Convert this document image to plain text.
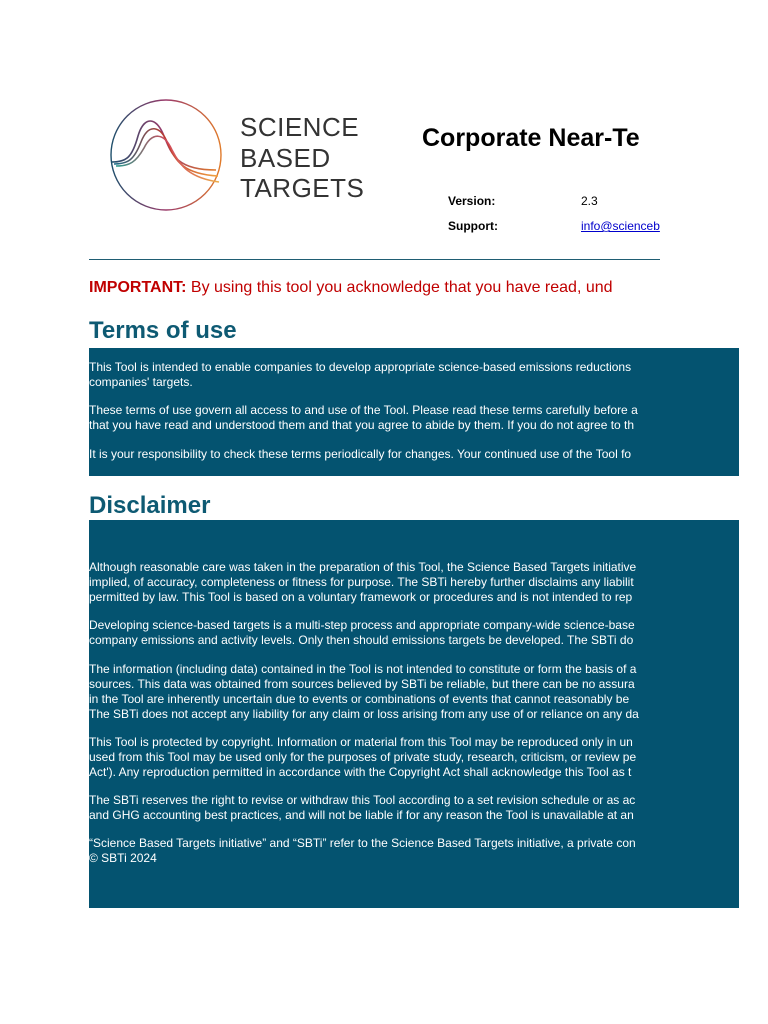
SCIENCE
BASED
TARGETS
Corporate Near-Te
Version:	2.3
Support:	info@scienceb
IMPORTANT: By using this tool you acknowledge that you have read, und
Terms of use
This Tool is intended to enable companies to develop appropriate science-based emissions reductions
companies' targets.
These terms of use govern all access to and use of the Tool. Please read these terms carefully before a
that you have read and understood them and that you agree to abide by them. If you do not agree to th
It is your responsibility to check these terms periodically for changes. Your continued use of the Tool fo
Disclaimer
Although reasonable care was taken in the preparation of this Tool, the Science Based Targets initiative
implied, of accuracy, completeness or fitness for purpose. The SBTi hereby further disclaims any liabilit
permitted by law. This Tool is based on a voluntary framework or procedures and is not intended to rep
Developing science-based targets is a multi-step process and appropriate company-wide science-base
company emissions and activity levels. Only then should emissions targets be developed. The SBTi do
The information (including data) contained in the Tool is not intended to constitute or form the basis of a
sources. This data was obtained from sources believed by SBTi be reliable, but there can be no assura
in the Tool are inherently uncertain due to events or combinations of events that cannot reasonably be
The SBTi does not accept any liability for any claim or loss arising from any use of or reliance on any da
This Tool is protected by copyright. Information or material from this Tool may be reproduced only in un
used from this Tool may be used only for the purposes of private study, research, criticism, or review pe
Act'). Any reproduction permitted in accordance with the Copyright Act shall acknowledge this Tool as t
The SBTi reserves the right to revise or withdraw this Tool according to a set revision schedule or as ac
and GHG accounting best practices, and will not be liable if for any reason the Tool is unavailable at an
“Science Based Targets initiative” and “SBTi” refer to the Science Based Targets initiative, a private con
© SBTi 2024
